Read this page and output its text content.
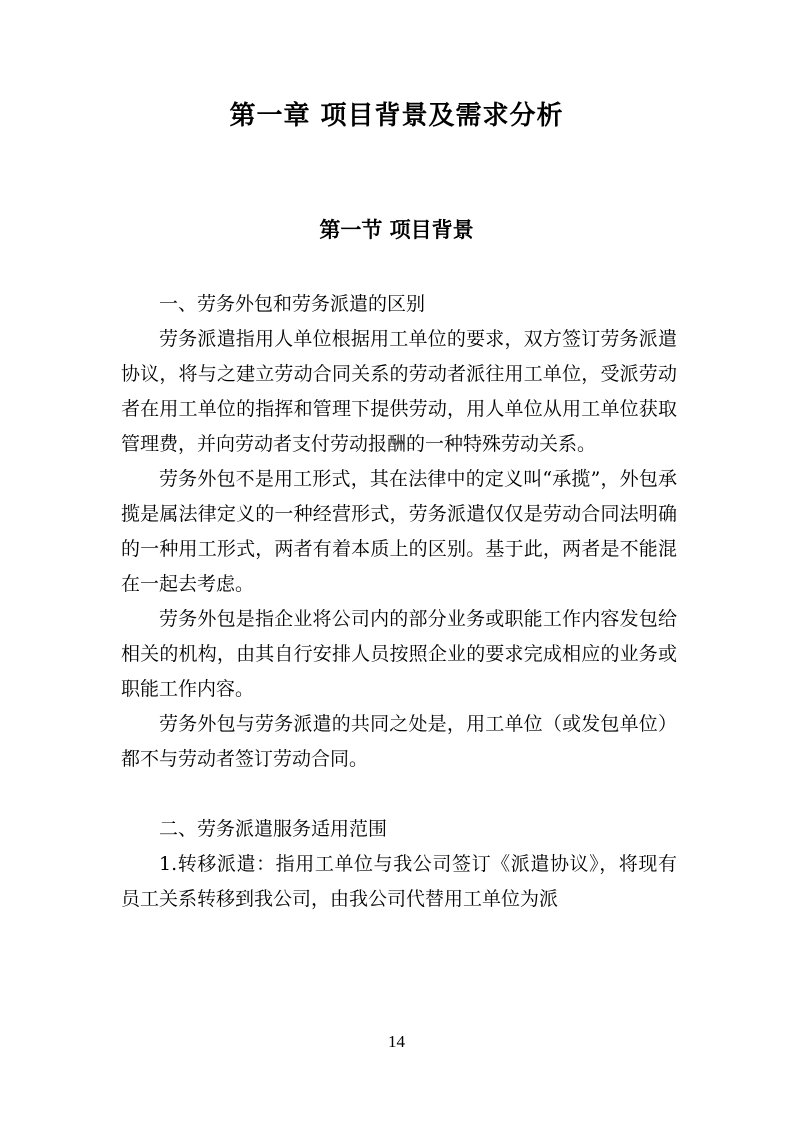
第一章 项目背景及需求分析
第一节 项目背景

一、劳务外包和劳务派遣的区别

劳务派遣指用人单位根据用工单位的要求，双方签订劳务派遣协议，将与之建立劳动合同关系的劳动者派往用工单位，受派劳动者在用工单位的指挥和管理下提供劳动，用人单位从用工单位获取管理费，并向劳动者支付劳动报酬的一种特殊劳动关系。

劳务外包不是用工形式，其在法律中的定义叫“承揽”，外包承揽是属法律定义的一种经营形式，劳务派遣仅仅是劳动合同法明确的一种用工形式，两者有着本质上的区别。基于此，两者是不能混在一起去考虑。

劳务外包是指企业将公司内的部分业务或职能工作内容发包给相关的机构，由其自行安排人员按照企业的要求完成相应的业务或职能工作内容。

劳务外包与劳务派遣的共同之处是，用工单位（或发包单位）都不与劳动者签订劳动合同。

二、劳务派遣服务适用范围

1.转移派遣：指用工单位与我公司签订《派遣协议》，将现有员工关系转移到我公司，由我公司代替用工单位为派

14
